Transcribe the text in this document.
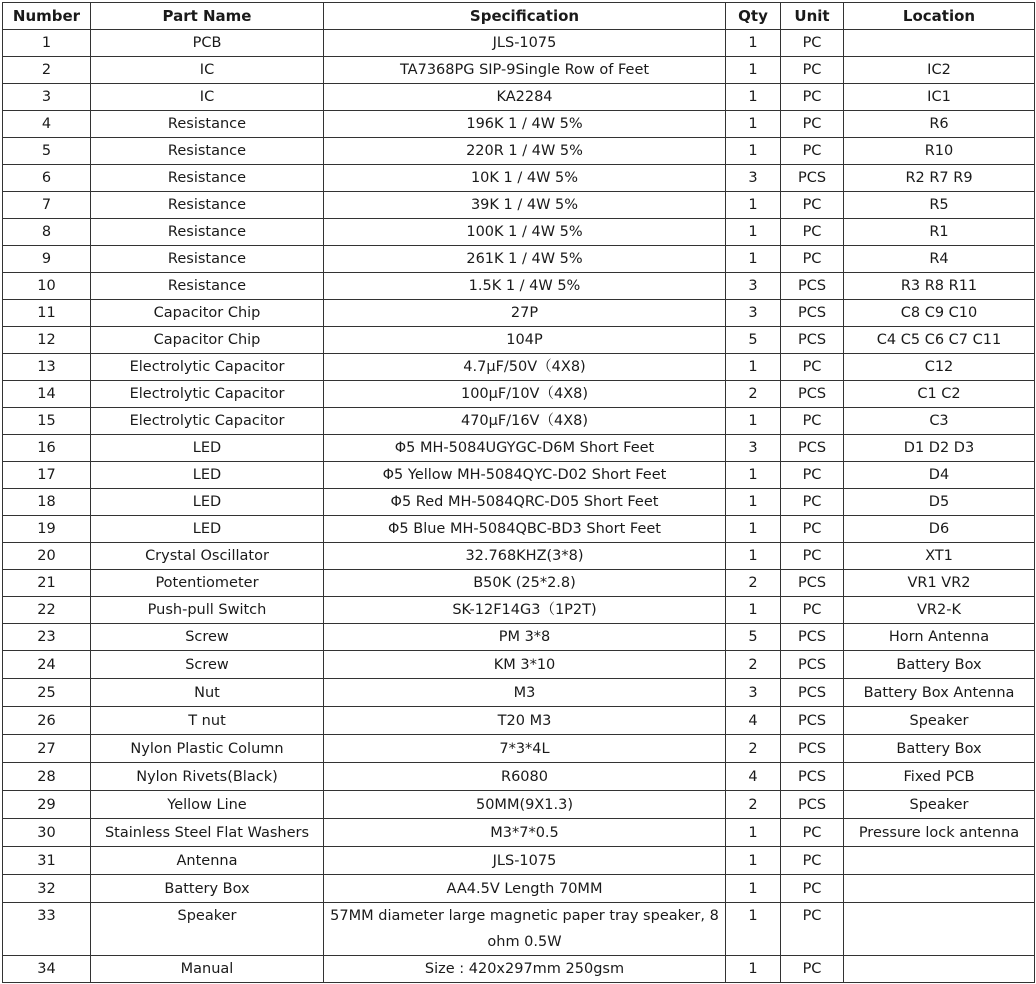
Number	Part Name	Specification	Qty	Unit	Location
1	PCB	JLS-1075	1	PC	
2	IC	TA7368PG SIP-9Single Row of Feet	1	PC	IC2
3	IC	KA2284	1	PC	IC1
4	Resistance	196K 1 / 4W 5%	1	PC	R6
5	Resistance	220R 1 / 4W 5%	1	PC	R10
6	Resistance	10K 1 / 4W 5%	3	PCS	R2 R7 R9
7	Resistance	39K 1 / 4W 5%	1	PC	R5
8	Resistance	100K 1 / 4W 5%	1	PC	R1
9	Resistance	261K 1 / 4W 5%	1	PC	R4
10	Resistance	1.5K 1 / 4W 5%	3	PCS	R3 R8 R11
11	Capacitor Chip	27P	3	PCS	C8 C9 C10
12	Capacitor Chip	104P	5	PCS	C4 C5 C6 C7 C11
13	Electrolytic Capacitor	4.7µF/50V（4X8)	1	PC	C12
14	Electrolytic Capacitor	100µF/10V（4X8)	2	PCS	C1 C2
15	Electrolytic Capacitor	470µF/16V（4X8)	1	PC	C3
16	LED	Φ5 MH-5084UGYGC-D6M Short Feet	3	PCS	D1 D2 D3
17	LED	Φ5 Yellow MH-5084QYC-D02 Short Feet	1	PC	D4
18	LED	Φ5 Red MH-5084QRC-D05 Short Feet	1	PC	D5
19	LED	Φ5 Blue MH-5084QBC-BD3 Short Feet	1	PC	D6
20	Crystal Oscillator	32.768KHZ(3*8)	1	PC	XT1
21	Potentiometer	B50K (25*2.8)	2	PCS	VR1 VR2
22	Push-pull Switch	SK-12F14G3（1P2T)	1	PC	VR2-K
23	Screw	PM 3*8	5	PCS	Horn Antenna
24	Screw	KM 3*10	2	PCS	Battery Box
25	Nut	M3	3	PCS	Battery Box Antenna
26	T nut	T20 M3	4	PCS	Speaker
27	Nylon Plastic Column	7*3*4L	2	PCS	Battery Box
28	Nylon Rivets(Black)	R6080	4	PCS	Fixed PCB
29	Yellow Line	50MM(9X1.3)	2	PCS	Speaker
30	Stainless Steel Flat Washers	M3*7*0.5	1	PC	Pressure lock antenna
31	Antenna	JLS-1075	1	PC	
32	Battery Box	AA4.5V Length 70MM	1	PC	
33	Speaker	57MM diameter large magnetic paper tray speaker, 8 ohm 0.5W	1	PC	
34	Manual	Size : 420x297mm 250gsm	1	PC	
